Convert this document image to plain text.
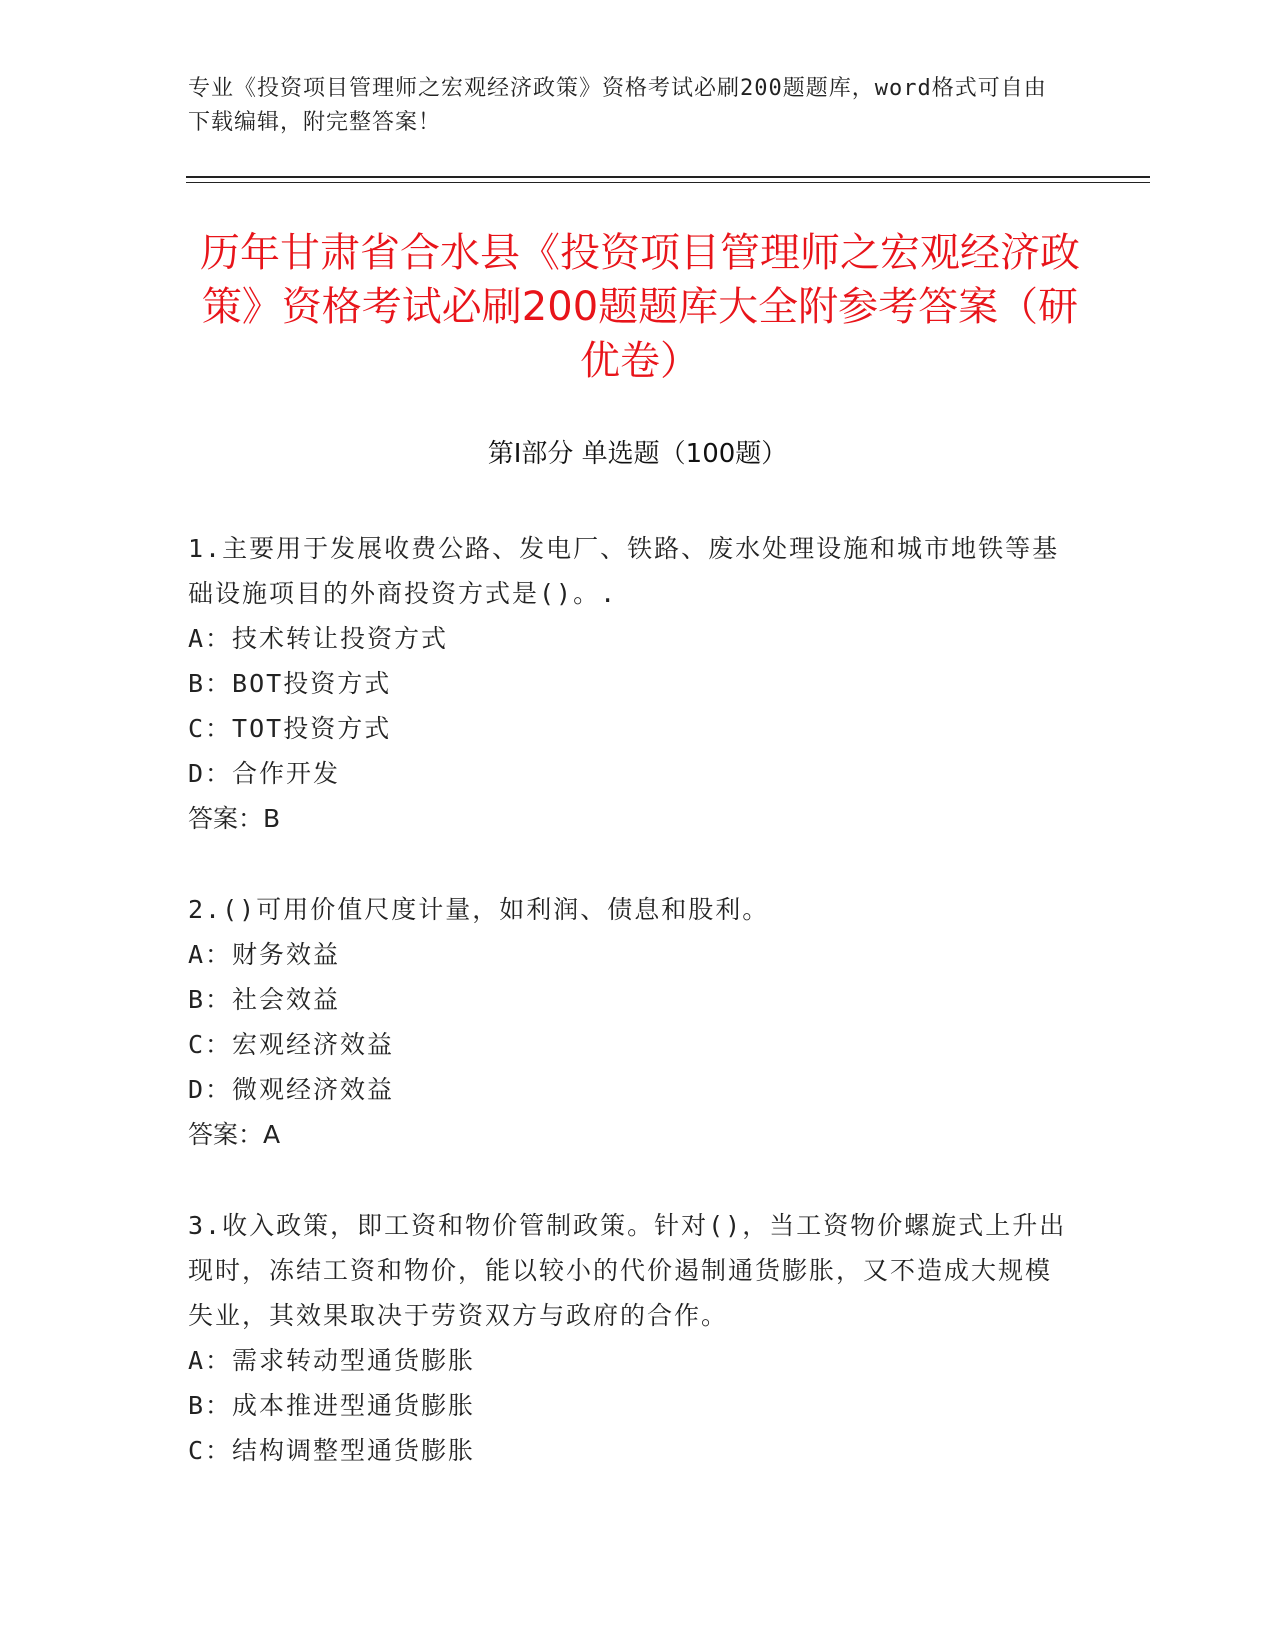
专业《投资项目管理师之宏观经济政策》资格考试必刷200题题库，word格式可自由下载编辑，附完整答案！
历年甘肃省合水县《投资项目管理师之宏观经济政策》资格考试必刷200题题库大全附参考答案（研优卷）
第Ⅰ部分 单选题（100题）

1.主要用于发展收费公路、发电厂、铁路、废水处理设施和城市地铁等基础设施项目的外商投资方式是()。.

A：技术转让投资方式

B：BOT投资方式

C：TOT投资方式

D：合作开发

答案：B

2.()可用价值尺度计量，如利润、债息和股利。

A：财务效益

B：社会效益

C：宏观经济效益

D：微观经济效益

答案：A

3.收入政策，即工资和物价管制政策。针对()，当工资物价螺旋式上升出现时，冻结工资和物价，能以较小的代价遏制通货膨胀，又不造成大规模失业，其效果取决于劳资双方与政府的合作。

A：需求转动型通货膨胀

B：成本推进型通货膨胀

C：结构调整型通货膨胀
